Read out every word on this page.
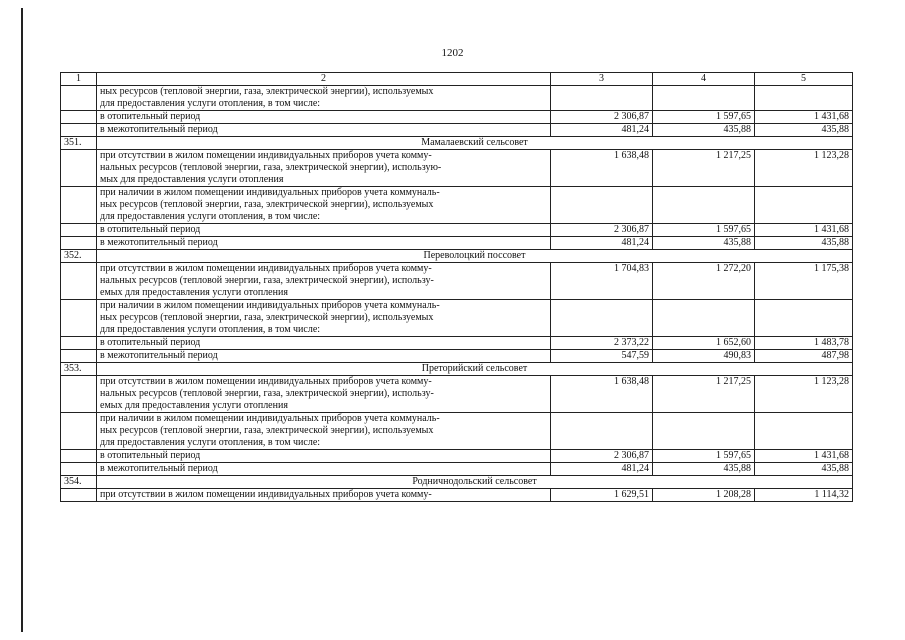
1202
1	2	3	4	5

	ных ресурсов (тепловой энергии, газа, электрической энергии), используемых
для предоставления услуги отопления, в том числе:			

	в отопительный период	2 306,87	1 597,65	1 431,68
	в межотопительный период	481,24	435,88	435,88
351.	Мамалаевский сельсовет			

	при отсутствии в жилом помещении индивидуальных приборов учета комму-
нальных ресурсов (тепловой энергии, газа, электрической энергии), использую-
мых для предоставления услуги отопления	1 638,48	1 217,25	1 123,28

	при наличии в жилом помещении индивидуальных приборов учета коммуналь-
ных ресурсов (тепловой энергии, газа, электрической энергии), используемых
для предоставления услуги отопления, в том числе:			

	в отопительный период	2 306,87	1 597,65	1 431,68
	в межотопительный период	481,24	435,88	435,88
352.	Переволоцкий поссовет			

	при отсутствии в жилом помещении индивидуальных приборов учета комму-
нальных ресурсов (тепловой энергии, газа, электрической энергии), использу-
емых для предоставления услуги отопления	1 704,83	1 272,20	1 175,38

	при наличии в жилом помещении индивидуальных приборов учета коммуналь-
ных ресурсов (тепловой энергии, газа, электрической энергии), используемых
для предоставления услуги отопления, в том числе:			

	в отопительный период	2 373,22	1 652,60	1 483,78
	в межотопительный период	547,59	490,83	487,98
353.	Преторийский сельсовет			

	при отсутствии в жилом помещении индивидуальных приборов учета комму-
нальных ресурсов (тепловой энергии, газа, электрической энергии), использу-
емых для предоставления услуги отопления	1 638,48	1 217,25	1 123,28

	при наличии в жилом помещении индивидуальных приборов учета коммуналь-
ных ресурсов (тепловой энергии, газа, электрической энергии), используемых
для предоставления услуги отопления, в том числе:			

	в отопительный период	2 306,87	1 597,65	1 431,68
	в межотопительный период	481,24	435,88	435,88
354.	Родничнодольский сельсовет			

	при отсутствии в жилом помещении индивидуальных приборов учета комму-	1 629,51	1 208,28	1 114,32
